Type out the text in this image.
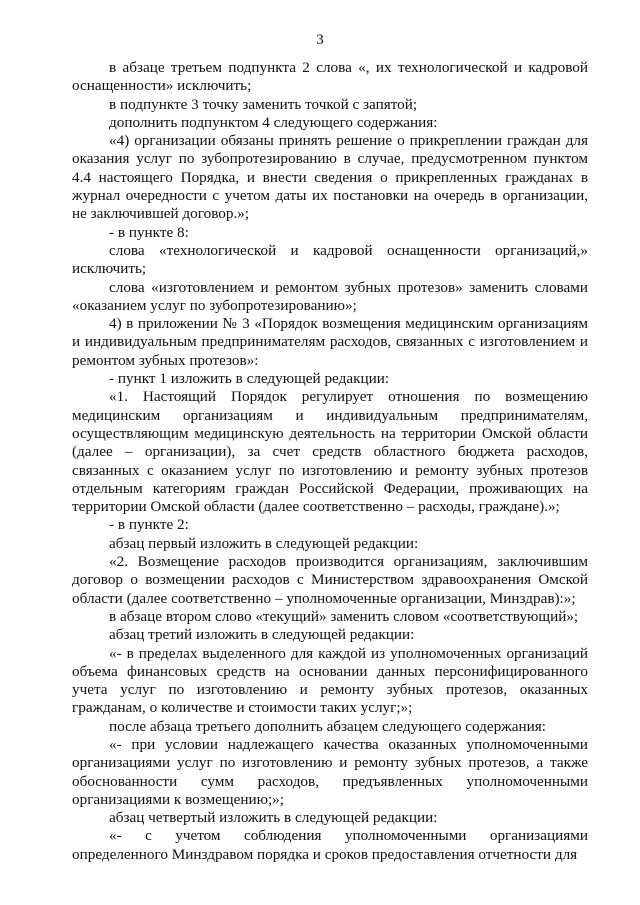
3

в абзаце третьем подпункта 2 слова «, их технологической и кадровой оснащенности» исключить;

в подпункте 3 точку заменить точкой с запятой;

дополнить подпунктом 4 следующего содержания:

«4) организации обязаны принять решение о прикреплении граждан для оказания услуг по зубопротезированию в случае, предусмотренном пунктом 4.4 настоящего Порядка, и внести сведения о прикрепленных гражданах в журнал очередности с учетом даты их постановки на очередь в организации, не заключившей договор.»;

- в пункте 8:

слова «технологической и кадровой оснащенности организаций,» исключить;

слова «изготовлением и ремонтом зубных протезов» заменить словами «оказанием услуг по зубопротезированию»;

4) в приложении № 3 «Порядок возмещения медицинским организациям и индивидуальным предпринимателям расходов, связанных с изготовлением и ремонтом зубных протезов»:

- пункт 1 изложить в следующей редакции:

«1. Настоящий Порядок регулирует отношения по возмещению медицинским организациям и индивидуальным предпринимателям, осуществляющим медицинскую деятельность на территории Омской области (далее – организации), за счет средств областного бюджета расходов, связанных с оказанием услуг по изготовлению и ремонту зубных протезов отдельным категориям граждан Российской Федерации, проживающих на территории Омской области (далее соответственно – расходы, граждане).»;

- в пункте 2:

абзац первый изложить в следующей редакции:

«2. Возмещение расходов производится организациям, заключившим договор о возмещении расходов с Министерством здравоохранения Омской области (далее соответственно – уполномоченные организации, Минздрав):»;

в абзаце втором слово «текущий» заменить словом «соответствующий»;

абзац третий изложить в следующей редакции:

«- в пределах выделенного для каждой из уполномоченных организаций объема финансовых средств на основании данных персонифицированного учета услуг по изготовлению и ремонту зубных протезов, оказанных гражданам, о количестве и стоимости таких услуг;»;

после абзаца третьего дополнить абзацем следующего содержания:

«- при условии надлежащего качества оказанных уполномоченными организациями услуг по изготовлению и ремонту зубных протезов, а также обоснованности сумм расходов, предъявленных уполномоченными организациями к возмещению;»;

абзац четвертый изложить в следующей редакции:

«- с учетом соблюдения уполномоченными организациями определенного Минздравом порядка и сроков предоставления отчетности для
